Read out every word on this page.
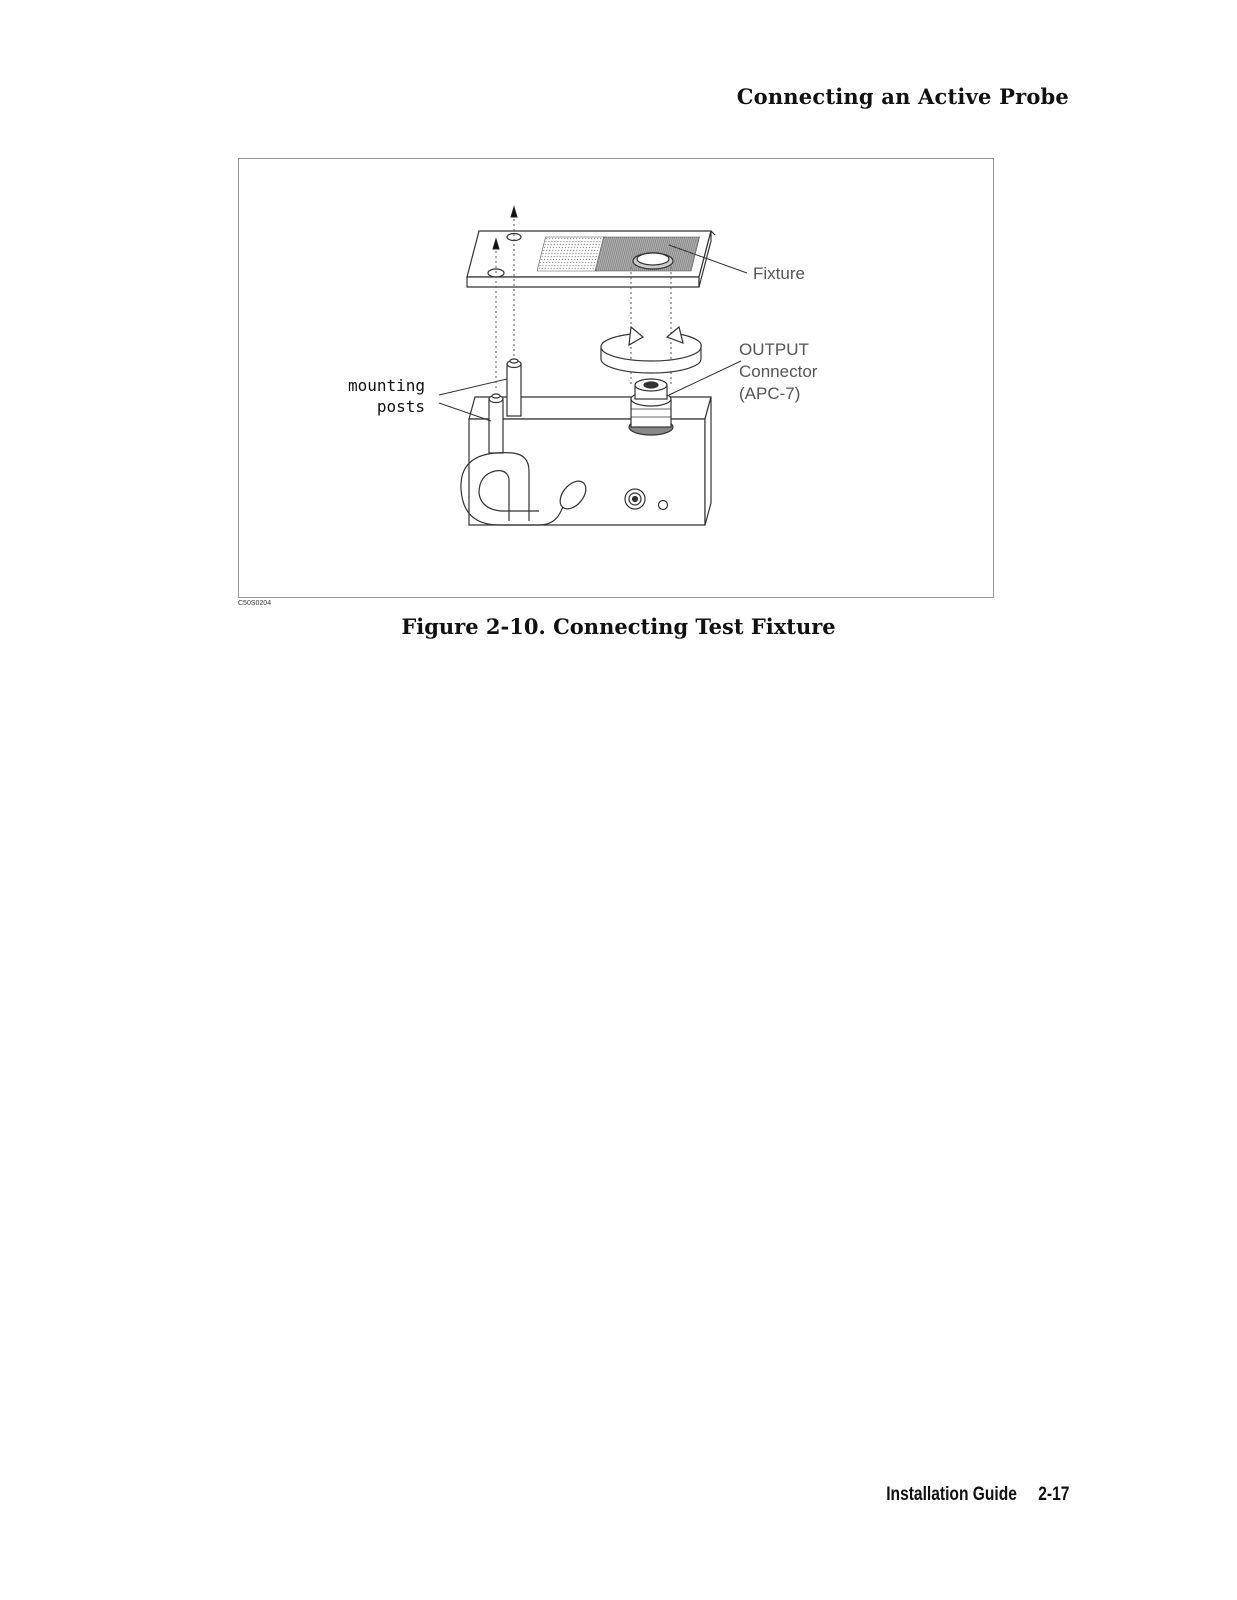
Connecting an Active Probe
Fixture
OUTPUT
Connector
(APC-7)
mounting
posts
C50S0204
Figure 2-10. Connecting Test Fixture
Installation Guide 2-17
